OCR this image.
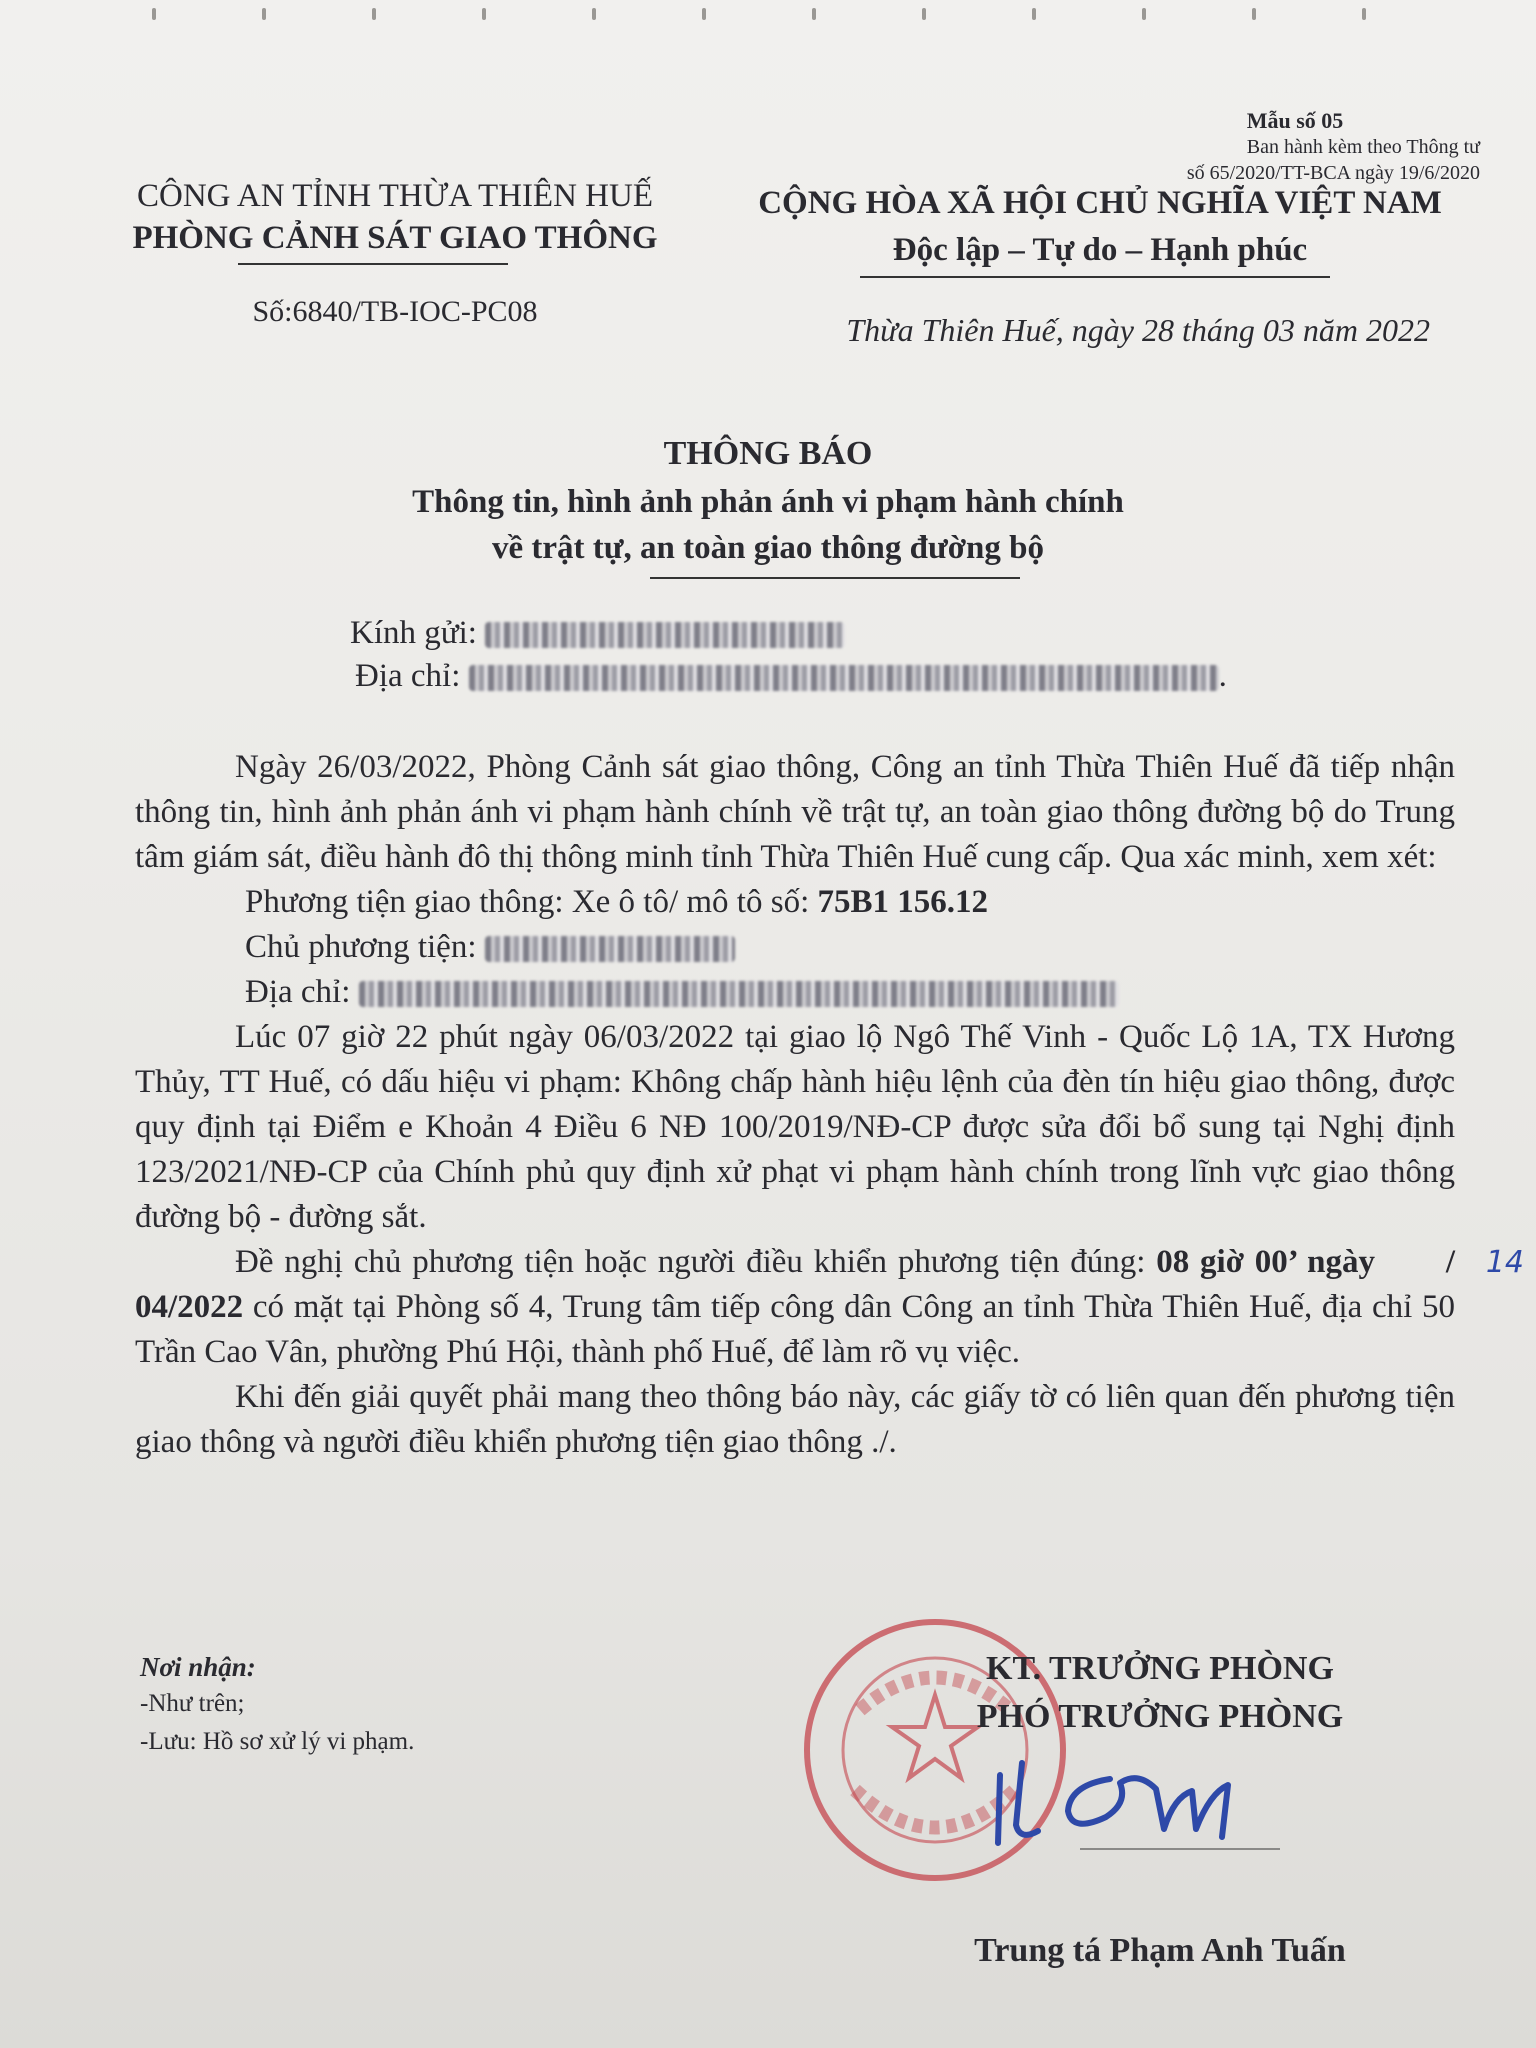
Mẫu số 05
Ban hành kèm theo Thông tư
số 65/2020/TT-BCA ngày 19/6/2020
CÔNG AN TỈNH THỪA THIÊN HUẾ
PHÒNG CẢNH SÁT GIAO THÔNG
Số:6840/TB-IOC-PC08
CỘNG HÒA XÃ HỘI CHỦ NGHĨA VIỆT NAM
Độc lập – Tự do – Hạnh phúc
Thừa Thiên Huế, ngày 28 tháng 03 năm 2022
THÔNG BÁO
Thông tin, hình ảnh phản ánh vi phạm hành chính
về trật tự, an toàn giao thông đường bộ
Kính gửi:
Địa chỉ:	.

Ngày 26/03/2022, Phòng Cảnh sát giao thông, Công an tỉnh Thừa Thiên Huế đã tiếp nhận thông tin, hình ảnh phản ánh vi phạm hành chính về trật tự, an toàn giao thông đường bộ do Trung tâm giám sát, điều hành đô thị thông minh tỉnh Thừa Thiên Huế cung cấp. Qua xác minh, xem xét:

Phương tiện giao thông: Xe ô tô/ mô tô số: 75B1 156.12

Chủ phương tiện:

Địa chỉ:

Lúc 07 giờ 22 phút ngày 06/03/2022 tại giao lộ Ngô Thế Vinh - Quốc Lộ 1A, TX Hương Thủy, TT Huế, có dấu hiệu vi phạm: Không chấp hành hiệu lệnh của đèn tín hiệu giao thông, được quy định tại Điểm e Khoản 4 Điều 6 NĐ 100/2019/NĐ-CP được sửa đổi bổ sung tại Nghị định 123/2021/NĐ-CP của Chính phủ quy định xử phạt vi phạm hành chính trong lĩnh vực giao thông đường bộ - đường sắt.

Đề nghị chủ phương tiện hoặc người điều khiển phương tiện đúng: 08 giờ 00’ ngày	14/ 04/2022 có mặt tại Phòng số 4, Trung tâm tiếp công dân Công an tỉnh Thừa Thiên Huế, địa chỉ 50 Trần Cao Vân, phường Phú Hội, thành phố Huế, để làm rõ vụ việc.

Khi đến giải quyết phải mang theo thông báo này, các giấy tờ có liên quan đến phương tiện giao thông và người điều khiển phương tiện giao thông ./.

Nơi nhận:
-Như trên;
-Lưu: Hồ sơ xử lý vi phạm.
KT. TRƯỞNG PHÒNG
PHÓ TRƯỞNG PHÒNG
Trung tá Phạm Anh Tuấn
